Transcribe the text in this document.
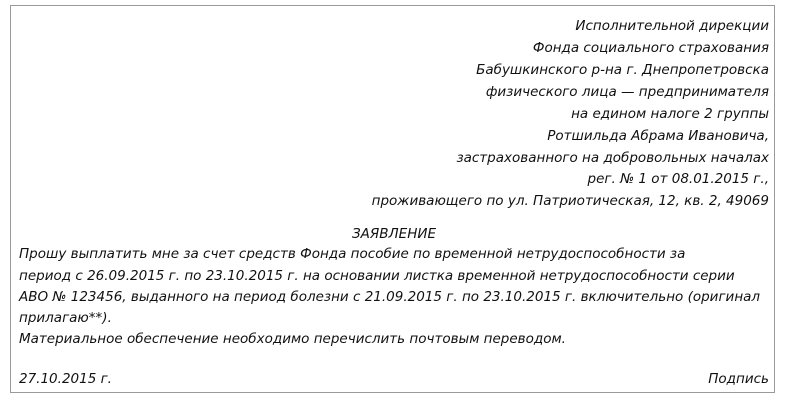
Исполнительной дирекции
Фонда социального страхования
Бабушкинского р-на г. Днепропетровска
физического лица — предпринимателя
на едином налоге 2 группы
Ротшильда Абрама Ивановича,
застрахованного на добровольных началах
рег. № 1 от 08.01.2015 г.,
проживающего по ул. Патриотическая, 12, кв. 2, 49069
ЗАЯВЛЕНИЕ
Прошу выплатить мне за счет средств Фонда пособие по временной нетрудоспособности за
период с 26.09.2015 г. по 23.10.2015 г. на основании листка временной нетрудоспособности серии
АВО № 123456, выданного на период болезни с 21.09.2015 г. по 23.10.2015 г. включительно (оригинал
прилагаю**).
Материальное обеспечение необходимо перечислить почтовым переводом.
27.10.2015 г.	Подпись
